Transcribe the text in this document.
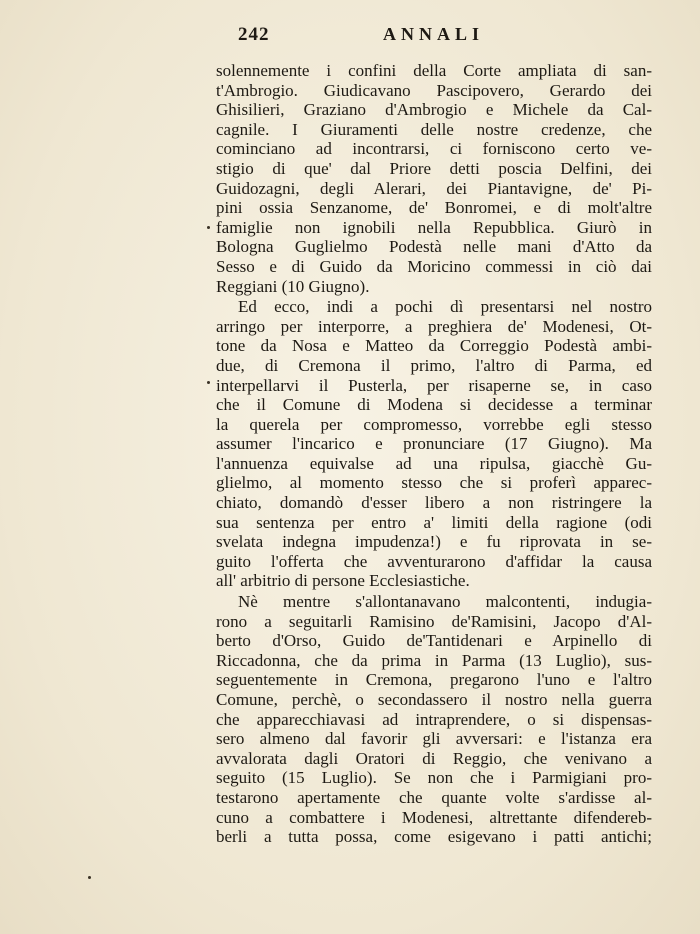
242	ANNALI
solennemente i confini della Corte ampliata di san-
t'Ambrogio. Giudicavano Pascipovero, Gerardo dei
Ghisilieri, Graziano d'Ambrogio e Michele da Cal-
cagnile. I Giuramenti delle nostre credenze, che
cominciano ad incontrarsi, ci forniscono certo ve-
stigio di que' dal Priore detti poscia Delfini, dei
Guidozagni, degli Alerari, dei Piantavigne, de' Pi-
pini ossia Senzanome, de' Bonromei, e di molt'altre
famiglie non ignobili nella Repubblica. Giurò in
Bologna Guglielmo Podestà nelle mani d'Atto da
Sesso e di Guido da Moricino commessi in ciò dai
Reggiani (10 Giugno).
Ed ecco, indi a pochi dì presentarsi nel nostro
arringo per interporre, a preghiera de' Modenesi, Ot-
tone da Nosa e Matteo da Correggio Podestà ambi-
due, di Cremona il primo, l'altro di Parma, ed
interpellarvi il Pusterla, per risaperne se, in caso
che il Comune di Modena si decidesse a terminar
la querela per compromesso, vorrebbe egli stesso
assumer l'incarico e pronunciare (17 Giugno). Ma
l'annuenza equivalse ad una ripulsa, giacchè Gu-
glielmo, al momento stesso che si proferì apparec-
chiato, domandò d'esser libero a non ristringere la
sua sentenza per entro a' limiti della ragione (odi
svelata indegna impudenza!) e fu riprovata in se-
guito l'offerta che avventurarono d'affidar la causa
all' arbitrio di persone Ecclesiastiche.
Nè mentre s'allontanavano malcontenti, indugia-
rono a seguitarli Ramisino de'Ramisini, Jacopo d'Al-
berto d'Orso, Guido de'Tantidenari e Arpinello di
Riccadonna, che da prima in Parma (13 Luglio), sus-
seguentemente in Cremona, pregarono l'uno e l'altro
Comune, perchè, o secondassero il nostro nella guerra
che apparecchiavasi ad intraprendere, o si dispensas-
sero almeno dal favorir gli avversari: e l'istanza era
avvalorata dagli Oratori di Reggio, che venivano a
seguito (15 Luglio). Se non che i Parmigiani pro-
testarono apertamente che quante volte s'ardisse al-
cuno a combattere i Modenesi, altrettante difendereb-
berli a tutta possa, come esigevano i patti antichi;
